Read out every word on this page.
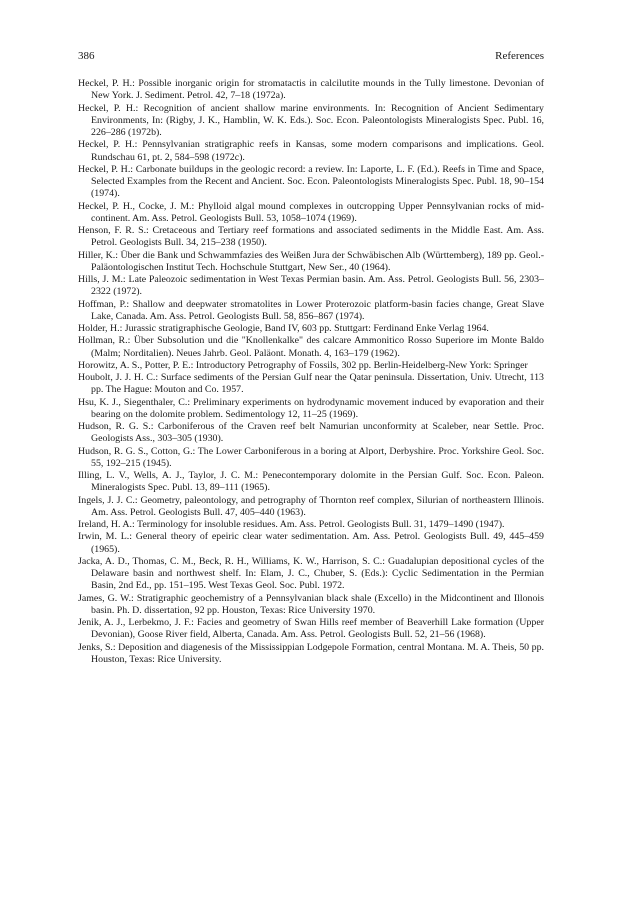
386	References

Heckel, P. H.: Possible inorganic origin for stromatactis in calcilutite mounds in the Tully limestone. Devonian of New York. J. Sediment. Petrol. 42, 7–18 (1972a).

Heckel, P. H.: Recognition of ancient shallow marine environments. In: Recognition of Ancient Sedimentary Environments, In: (Rigby, J. K., Hamblin, W. K. Eds.). Soc. Econ. Paleontologists Mineralogists Spec. Publ. 16, 226–286 (1972b).

Heckel, P. H.: Pennsylvanian stratigraphic reefs in Kansas, some modern comparisons and implications. Geol. Rundschau 61, pt. 2, 584–598 (1972c).

Heckel, P. H.: Carbonate buildups in the geologic record: a review. In: Laporte, L. F. (Ed.). Reefs in Time and Space, Selected Examples from the Recent and Ancient. Soc. Econ. Paleontologists Mineralogists Spec. Publ. 18, 90–154 (1974).

Heckel, P. H., Cocke, J. M.: Phylloid algal mound complexes in outcropping Upper Pennsylvanian rocks of mid-continent. Am. Ass. Petrol. Geologists Bull. 53, 1058–1074 (1969).

Henson, F. R. S.: Cretaceous and Tertiary reef formations and associated sediments in the Middle East. Am. Ass. Petrol. Geologists Bull. 34, 215–238 (1950).

Hiller, K.: Über die Bank und Schwammfazies des Weißen Jura der Schwäbischen Alb (Württemberg), 189 pp. Geol.-Paläontologischen Institut Tech. Hochschule Stuttgart, New Ser., 40 (1964).

Hills, J. M.: Late Paleozoic sedimentation in West Texas Permian basin. Am. Ass. Petrol. Geologists Bull. 56, 2303–2322 (1972).

Hoffman, P.: Shallow and deepwater stromatolites in Lower Proterozoic platform-basin facies change, Great Slave Lake, Canada. Am. Ass. Petrol. Geologists Bull. 58, 856–867 (1974).

Holder, H.: Jurassic stratigraphische Geologie, Band IV, 603 pp. Stuttgart: Ferdinand Enke Verlag 1964.

Hollman, R.: Über Subsolution und die "Knollenkalke" des calcare Ammonitico Rosso Superiore im Monte Baldo (Malm; Norditalien). Neues Jahrb. Geol. Paläont. Monath. 4, 163–179 (1962).

Horowitz, A. S., Potter, P. E.: Introductory Petrography of Fossils, 302 pp. Berlin-Heidelberg-New York: Springer

Houbolt, J. J. H. C.: Surface sediments of the Persian Gulf near the Qatar peninsula. Dissertation, Univ. Utrecht, 113 pp. The Hague: Mouton and Co. 1957.

Hsu, K. J., Siegenthaler, C.: Preliminary experiments on hydrodynamic movement induced by evaporation and their bearing on the dolomite problem. Sedimentology 12, 11–25 (1969).

Hudson, R. G. S.: Carboniferous of the Craven reef belt Namurian unconformity at Scaleber, near Settle. Proc. Geologists Ass., 303–305 (1930).

Hudson, R. G. S., Cotton, G.: The Lower Carboniferous in a boring at Alport, Derbyshire. Proc. Yorkshire Geol. Soc. 55, 192–215 (1945).

Illing, L. V., Wells, A. J., Taylor, J. C. M.: Penecontemporary dolomite in the Persian Gulf. Soc. Econ. Paleon. Mineralogists Spec. Publ. 13, 89–111 (1965).

Ingels, J. J. C.: Geometry, paleontology, and petrography of Thornton reef complex, Silurian of northeastern Illinois. Am. Ass. Petrol. Geologists Bull. 47, 405–440 (1963).

Ireland, H. A.: Terminology for insoluble residues. Am. Ass. Petrol. Geologists Bull. 31, 1479–1490 (1947).

Irwin, M. L.: General theory of epeiric clear water sedimentation. Am. Ass. Petrol. Geologists Bull. 49, 445–459 (1965).

Jacka, A. D., Thomas, C. M., Beck, R. H., Williams, K. W., Harrison, S. C.: Guadalupian depositional cycles of the Delaware basin and northwest shelf. In: Elam, J. C., Chuber, S. (Eds.): Cyclic Sedimentation in the Permian Basin, 2nd Ed., pp. 151–195. West Texas Geol. Soc. Publ. 1972.

James, G. W.: Stratigraphic geochemistry of a Pennsylvanian black shale (Excello) in the Midcontinent and Illonois basin. Ph. D. dissertation, 92 pp. Houston, Texas: Rice University 1970.

Jenik, A. J., Lerbekmo, J. F.: Facies and geometry of Swan Hills reef member of Beaverhill Lake formation (Upper Devonian), Goose River field, Alberta, Canada. Am. Ass. Petrol. Geologists Bull. 52, 21–56 (1968).

Jenks, S.: Deposition and diagenesis of the Mississippian Lodgepole Formation, central Montana. M. A. Theis, 50 pp. Houston, Texas: Rice University.
